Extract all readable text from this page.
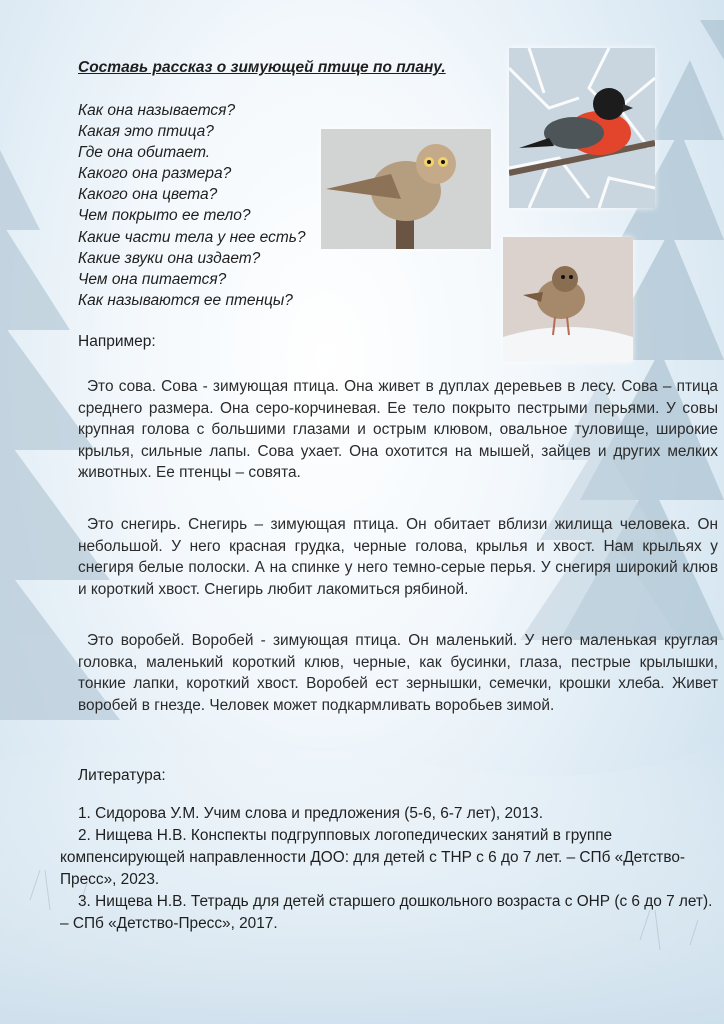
Составь рассказ о зимующей птице по плану.
Как она называется?
Какая это птица?
Где она обитает.
Какого она размера?
Какого она цвета?
Чем покрыто ее тело?
Какие части тела у нее есть?
Какие звуки она издает?
Чем она питается?
Как называются ее птенцы?
Например:

Это сова. Сова - зимующая птица. Она живет в дуплах деревьев в лесу. Сова – птица среднего размера. Она серо-корчиневая. Ее тело покрыто пестрыми перьями. У совы крупная голова с большими глазами и острым клювом, овальное туловище, широкие крылья, сильные лапы. Сова ухает. Она охотится на мышей, зайцев и других мелких животных. Ее птенцы – совята.

Это снегирь. Снегирь – зимующая птица. Он обитает вблизи жилища человека. Он небольшой. У него красная грудка, черные голова, крылья и хвост. Нам крыльях у снегиря белые полоски. А на спинке у него темно-серые перья. У снегиря широкий клюв и короткий хвост. Снегирь любит лакомиться рябиной.

Это воробей. Воробей - зимующая птица. Он маленький. У него маленькая круглая головка, маленький короткий клюв, черные, как бусинки, глаза, пестрые крылышки, тонкие лапки, короткий хвост. Воробей ест зернышки, семечки, крошки хлеба. Живет воробей в гнезде. Человек может подкармливать воробьев зимой.

Литература:
1. Сидорова У.М. Учим слова и предложения (5-6, 6-7 лет), 2013.
2. Нищева Н.В. Конспекты подгрупповых логопедических занятий в группе компенсирующей направленности ДОО: для детей с ТНР с 6 до 7 лет. – СПб «Детство-Пресс», 2023.
3. Нищева Н.В. Тетрадь для детей старшего дошкольного возраста с ОНР (с 6 до 7 лет). – СПб «Детство-Пресс», 2017.
